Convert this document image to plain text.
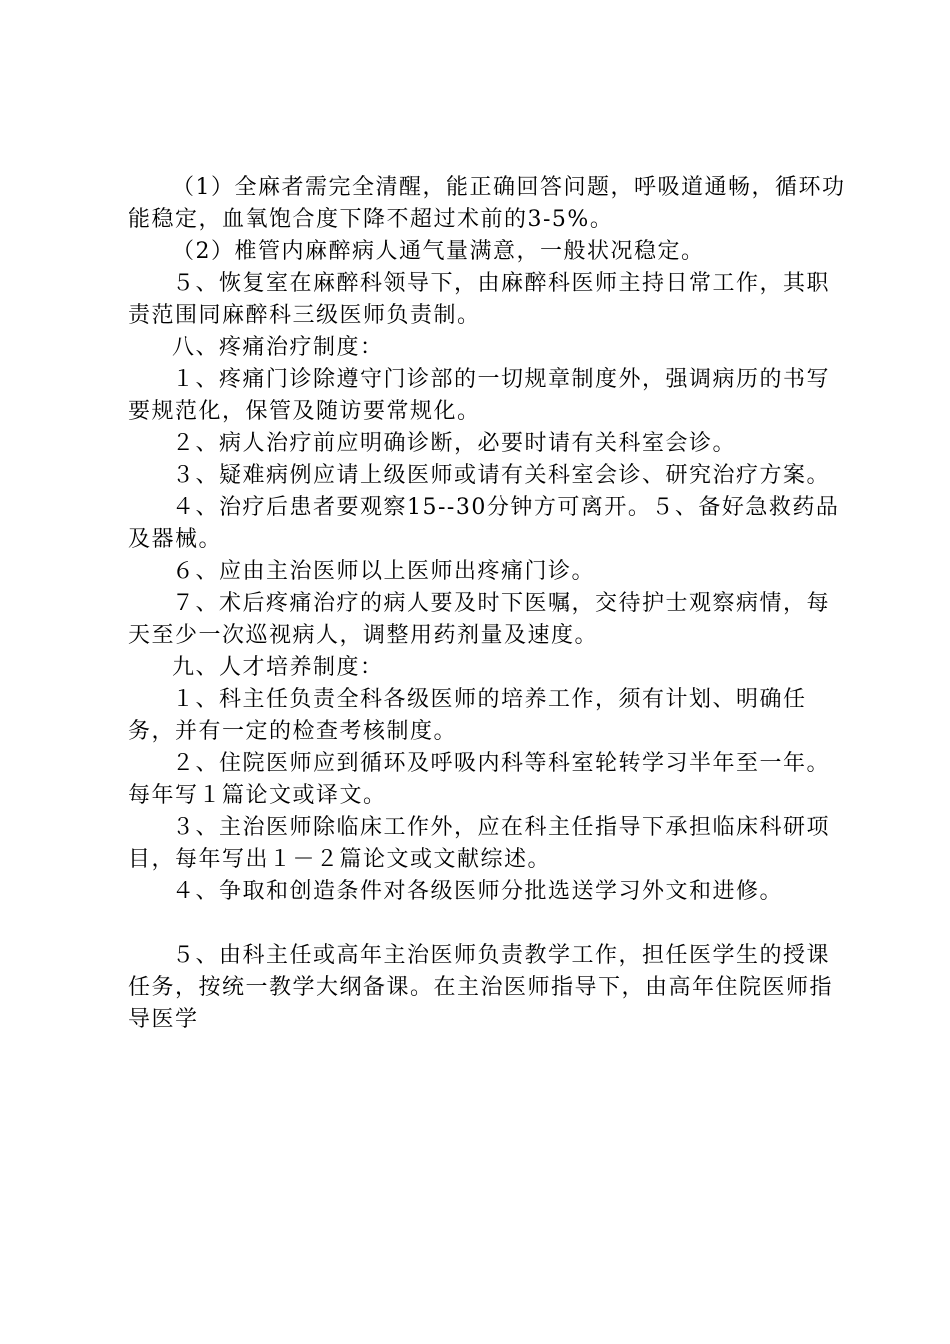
（1）全麻者需完全清醒，能正确回答问题，呼吸道通畅，循环功能稳定，血氧饱合度下降不超过术前的3-5%。

（2）椎管内麻醉病人通气量满意，一般状况稳定。

５、恢复室在麻醉科领导下，由麻醉科医师主持日常工作，其职责范围同麻醉科三级医师负责制。

八、疼痛治疗制度：

１、疼痛门诊除遵守门诊部的一切规章制度外，强调病历的书写要规范化，保管及随访要常规化。

２、病人治疗前应明确诊断，必要时请有关科室会诊。

３、疑难病例应请上级医师或请有关科室会诊、研究治疗方案。

４、治疗后患者要观察15--30分钟方可离开。５、备好急救药品及器械。

６、应由主治医师以上医师出疼痛门诊。

７、术后疼痛治疗的病人要及时下医嘱，交待护士观察病情，每天至少一次巡视病人，调整用药剂量及速度。

九、人才培养制度：

１、科主任负责全科各级医师的培养工作，须有计划、明确任务，并有一定的检查考核制度。

２、住院医师应到循环及呼吸内科等科室轮转学习半年至一年。每年写１篇论文或译文。

３、主治医师除临床工作外，应在科主任指导下承担临床科研项目，每年写出１－２篇论文或文献综述。

４、争取和创造条件对各级医师分批选送学习外文和进修。

５、由科主任或高年主治医师负责教学工作，担任医学生的授课任务，按统一教学大纲备课。在主治医师指导下，由高年住院医师指导医学
